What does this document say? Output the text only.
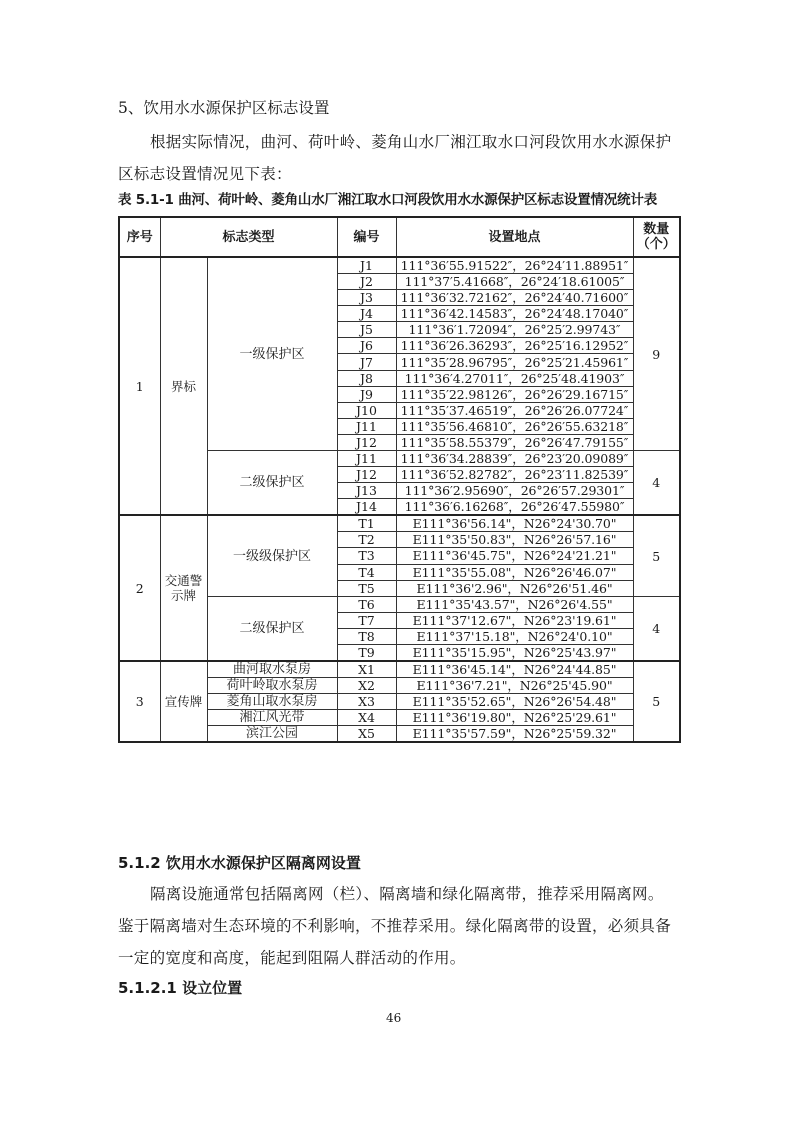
5、饮用水水源保护区标志设置
根据实际情况，曲河、荷叶岭、菱角山水厂湘江取水口河段饮用水水源保护
区标志设置情况见下表：
表 5.1-1 曲河、荷叶岭、菱角山水厂湘江取水口河段饮用水水源保护区标志设置情况统计表
序号	标志类型		编号	设置地点	数量
（个）

1	界标	一级保护区	J1	111°36′55.91522″，26°24′11.88951″	9
			J2	111°37′5.41668″，26°24′18.61005″	
			J3	111°36′32.72162″，26°24′40.71600″	
			J4	111°36′42.14583″，26°24′48.17040″	
			J5	111°36′1.72094″，26°25′2.99743″	
			J6	111°36′26.36293″，26°25′16.12952″	
			J7	111°35′28.96795″，26°25′21.45961″	
			J8	111°36′4.27011″，26°25′48.41903″	
			J9	111°35′22.98126″，26°26′29.16715″	
			J10	111°35′37.46519″，26°26′26.07724″	
			J11	111°35′56.46810″，26°26′55.63218″	
			J12	111°35′58.55379″，26°26′47.79155″	
		二级保护区	J11	111°36′34.28839″，26°23′20.09089″	4
			J12	111°36′52.82782″，26°23′11.82539″	
			J13	111°36′2.95690″，26°26′57.29301″	
			J14	111°36′6.16268″，26°26′47.55980″	
2	交通警
示牌	一级级保护区	T1	E111°36'56.14"，N26°24'30.70"	5
			T2	E111°35'50.83"，N26°26'57.16"	
			T3	E111°36'45.75"，N26°24'21.21"	
			T4	E111°35'55.08"，N26°26'46.07"	
			T5	E111°36'2.96"，N26°26'51.46"	
		二级保护区	T6	E111°35'43.57"，N26°26'4.55"	4
			T7	E111°37'12.67"，N26°23'19.61"	
			T8	E111°37'15.18"，N26°24'0.10"	
			T9	E111°35'15.95"，N26°25'43.97"	
3	宣传牌	曲河取水泵房	X1	E111°36'45.14"，N26°24'44.85"	5
		荷叶岭取水泵房	X2	E111°36'7.21"，N26°25'45.90"	
		菱角山取水泵房	X3	E111°35'52.65"，N26°26'54.48"	
		湘江风光带	X4	E111°36'19.80"，N26°25'29.61"	
		滨江公园	X5	E111°35'57.59"，N26°25'59.32"	
5.1.2 饮用水水源保护区隔离网设置
隔离设施通常包括隔离网（栏）、隔离墙和绿化隔离带，推荐采用隔离网。
鉴于隔离墙对生态环境的不利影响，不推荐采用。绿化隔离带的设置，必须具备
一定的宽度和高度，能起到阻隔人群活动的作用。
5.1.2.1 设立位置
46
